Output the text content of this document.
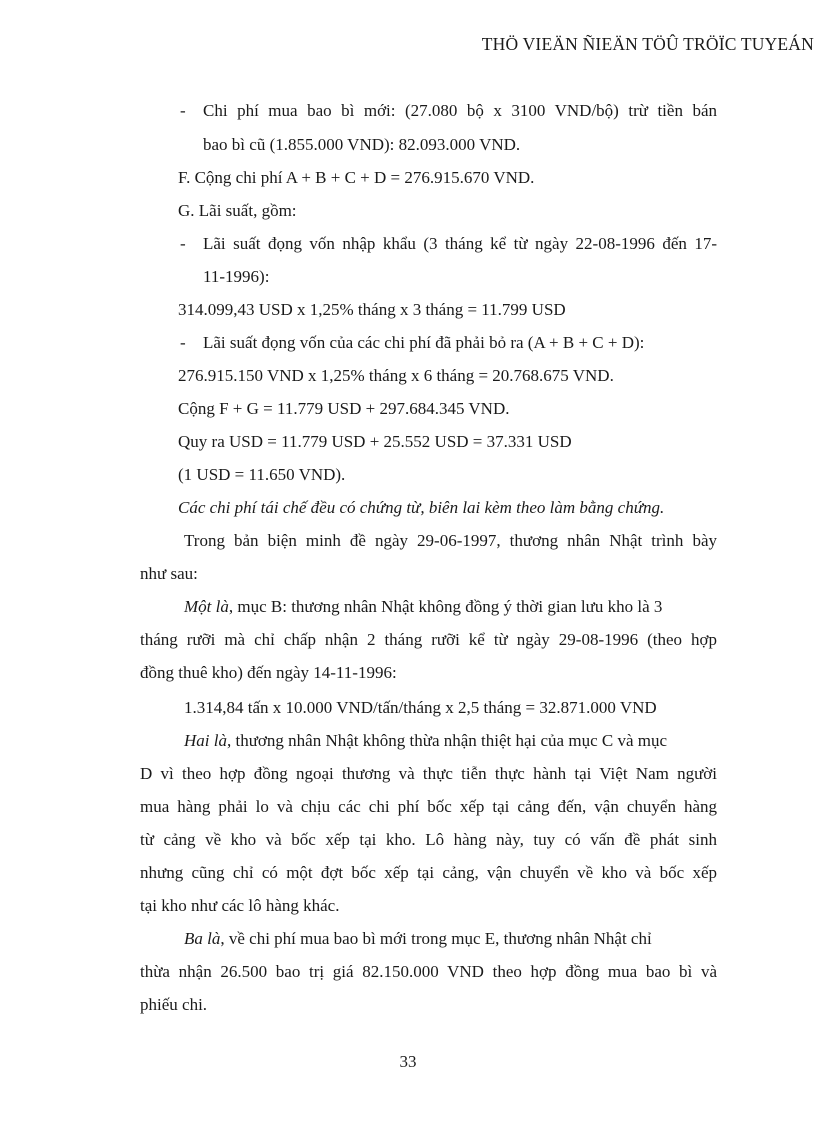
THÖ VIEÄN ÑIEÄN TÖÛ TRÖÏC TUYEÁN
- Chi phí mua bao bì mới: (27.080 bộ x 3100 VND/bộ) trừ tiền bán
bao bì cũ (1.855.000 VND): 82.093.000 VND.
F. Cộng chi phí A + B + C + D = 276.915.670 VND.
G. Lãi suất, gồm:
- Lãi suất đọng vốn nhập khẩu (3 tháng kể từ ngày 22-08-1996 đến 17-
11-1996):
314.099,43 USD x 1,25% tháng x 3 tháng = 11.799 USD
- Lãi suất đọng vốn của các chi phí đã phải bỏ ra (A + B + C + D):
276.915.150 VND x 1,25% tháng x 6 tháng = 20.768.675 VND.
Cộng F + G = 11.779 USD + 297.684.345 VND.
Quy ra USD = 11.779 USD + 25.552 USD = 37.331 USD
(1 USD = 11.650 VND).
Các chi phí tái chế đều có chứng từ, biên lai kèm theo làm bằng chứng.
Trong bản biện minh đề ngày 29-06-1997, thương nhân Nhật trình bày
như sau:
Một là, mục B: thương nhân Nhật không đồng ý thời gian lưu kho là 3
tháng rưỡi mà chỉ chấp nhận 2 tháng rưỡi kể từ ngày 29-08-1996 (theo hợp
đồng thuê kho) đến ngày 14-11-1996:
1.314,84 tấn x 10.000 VND/tấn/tháng x 2,5 tháng = 32.871.000 VND
Hai là, thương nhân Nhật không thừa nhận thiệt hại của mục C và mục
D vì theo hợp đồng ngoại thương và thực tiễn thực hành tại Việt Nam người
mua hàng phải lo và chịu các chi phí bốc xếp tại cảng đến, vận chuyển hàng
từ cảng về kho và bốc xếp tại kho. Lô hàng này, tuy có vấn đề phát sinh
nhưng cũng chỉ có một đợt bốc xếp tại cảng, vận chuyển về kho và bốc xếp
tại kho như các lô hàng khác.
Ba là, về chi phí mua bao bì mới trong mục E, thương nhân Nhật chỉ
thừa nhận 26.500 bao trị giá 82.150.000 VND theo hợp đồng mua bao bì và
phiếu chi.
33
